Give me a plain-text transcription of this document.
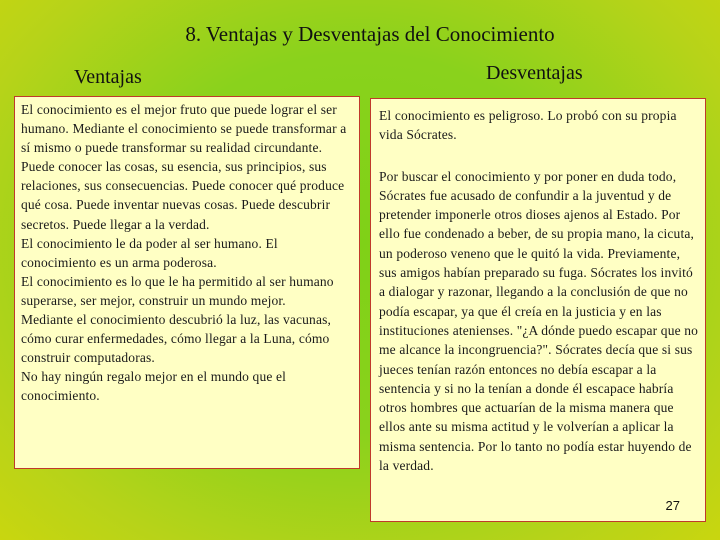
8. Ventajas y Desventajas del Conocimiento
Ventajas	Desventajas

El conocimiento es el mejor fruto que puede lograr el ser humano. Mediante el conocimiento se puede transformar a sí mismo o puede transformar su realidad circundante. Puede conocer las cosas, su esencia, sus principios, sus relaciones, sus consecuencias. Puede conocer qué produce qué cosa. Puede inventar nuevas cosas. Puede descubrir secretos. Puede llegar a la verdad.

El conocimiento le da poder al ser humano. El conocimiento es un arma poderosa.

El conocimiento es lo que le ha permitido al ser humano superarse, ser mejor, construir un mundo mejor.

Mediante el conocimiento descubrió la luz, las vacunas, cómo curar enfermedades, cómo llegar a la Luna, cómo construir computadoras.

No hay ningún regalo mejor en el mundo que el conocimiento.

El conocimiento es peligroso. Lo probó con su propia vida Sócrates.

Por buscar el conocimiento y por poner en duda todo, Sócrates fue acusado de confundir a la juventud y de pretender imponerle otros dioses ajenos al Estado. Por ello fue condenado a beber, de su propia mano, la cicuta, un poderoso veneno que le quitó la vida. Previamente, sus amigos habían preparado su fuga. Sócrates los invitó a dialogar y razonar, llegando a la conclusión de que no podía escapar, ya que él creía en la justicia y en las instituciones atenienses. "¿A dónde puedo escapar que no me alcance la incongruencia?". Sócrates decía que si sus jueces tenían razón entonces no debía escapar a la sentencia y si no la tenían a donde él escapace habría otros hombres que actuarían de la misma manera que ellos ante su misma actitud y le volverían a aplicar la misma sentencia. Por lo tanto no podía estar huyendo de la verdad.

27
